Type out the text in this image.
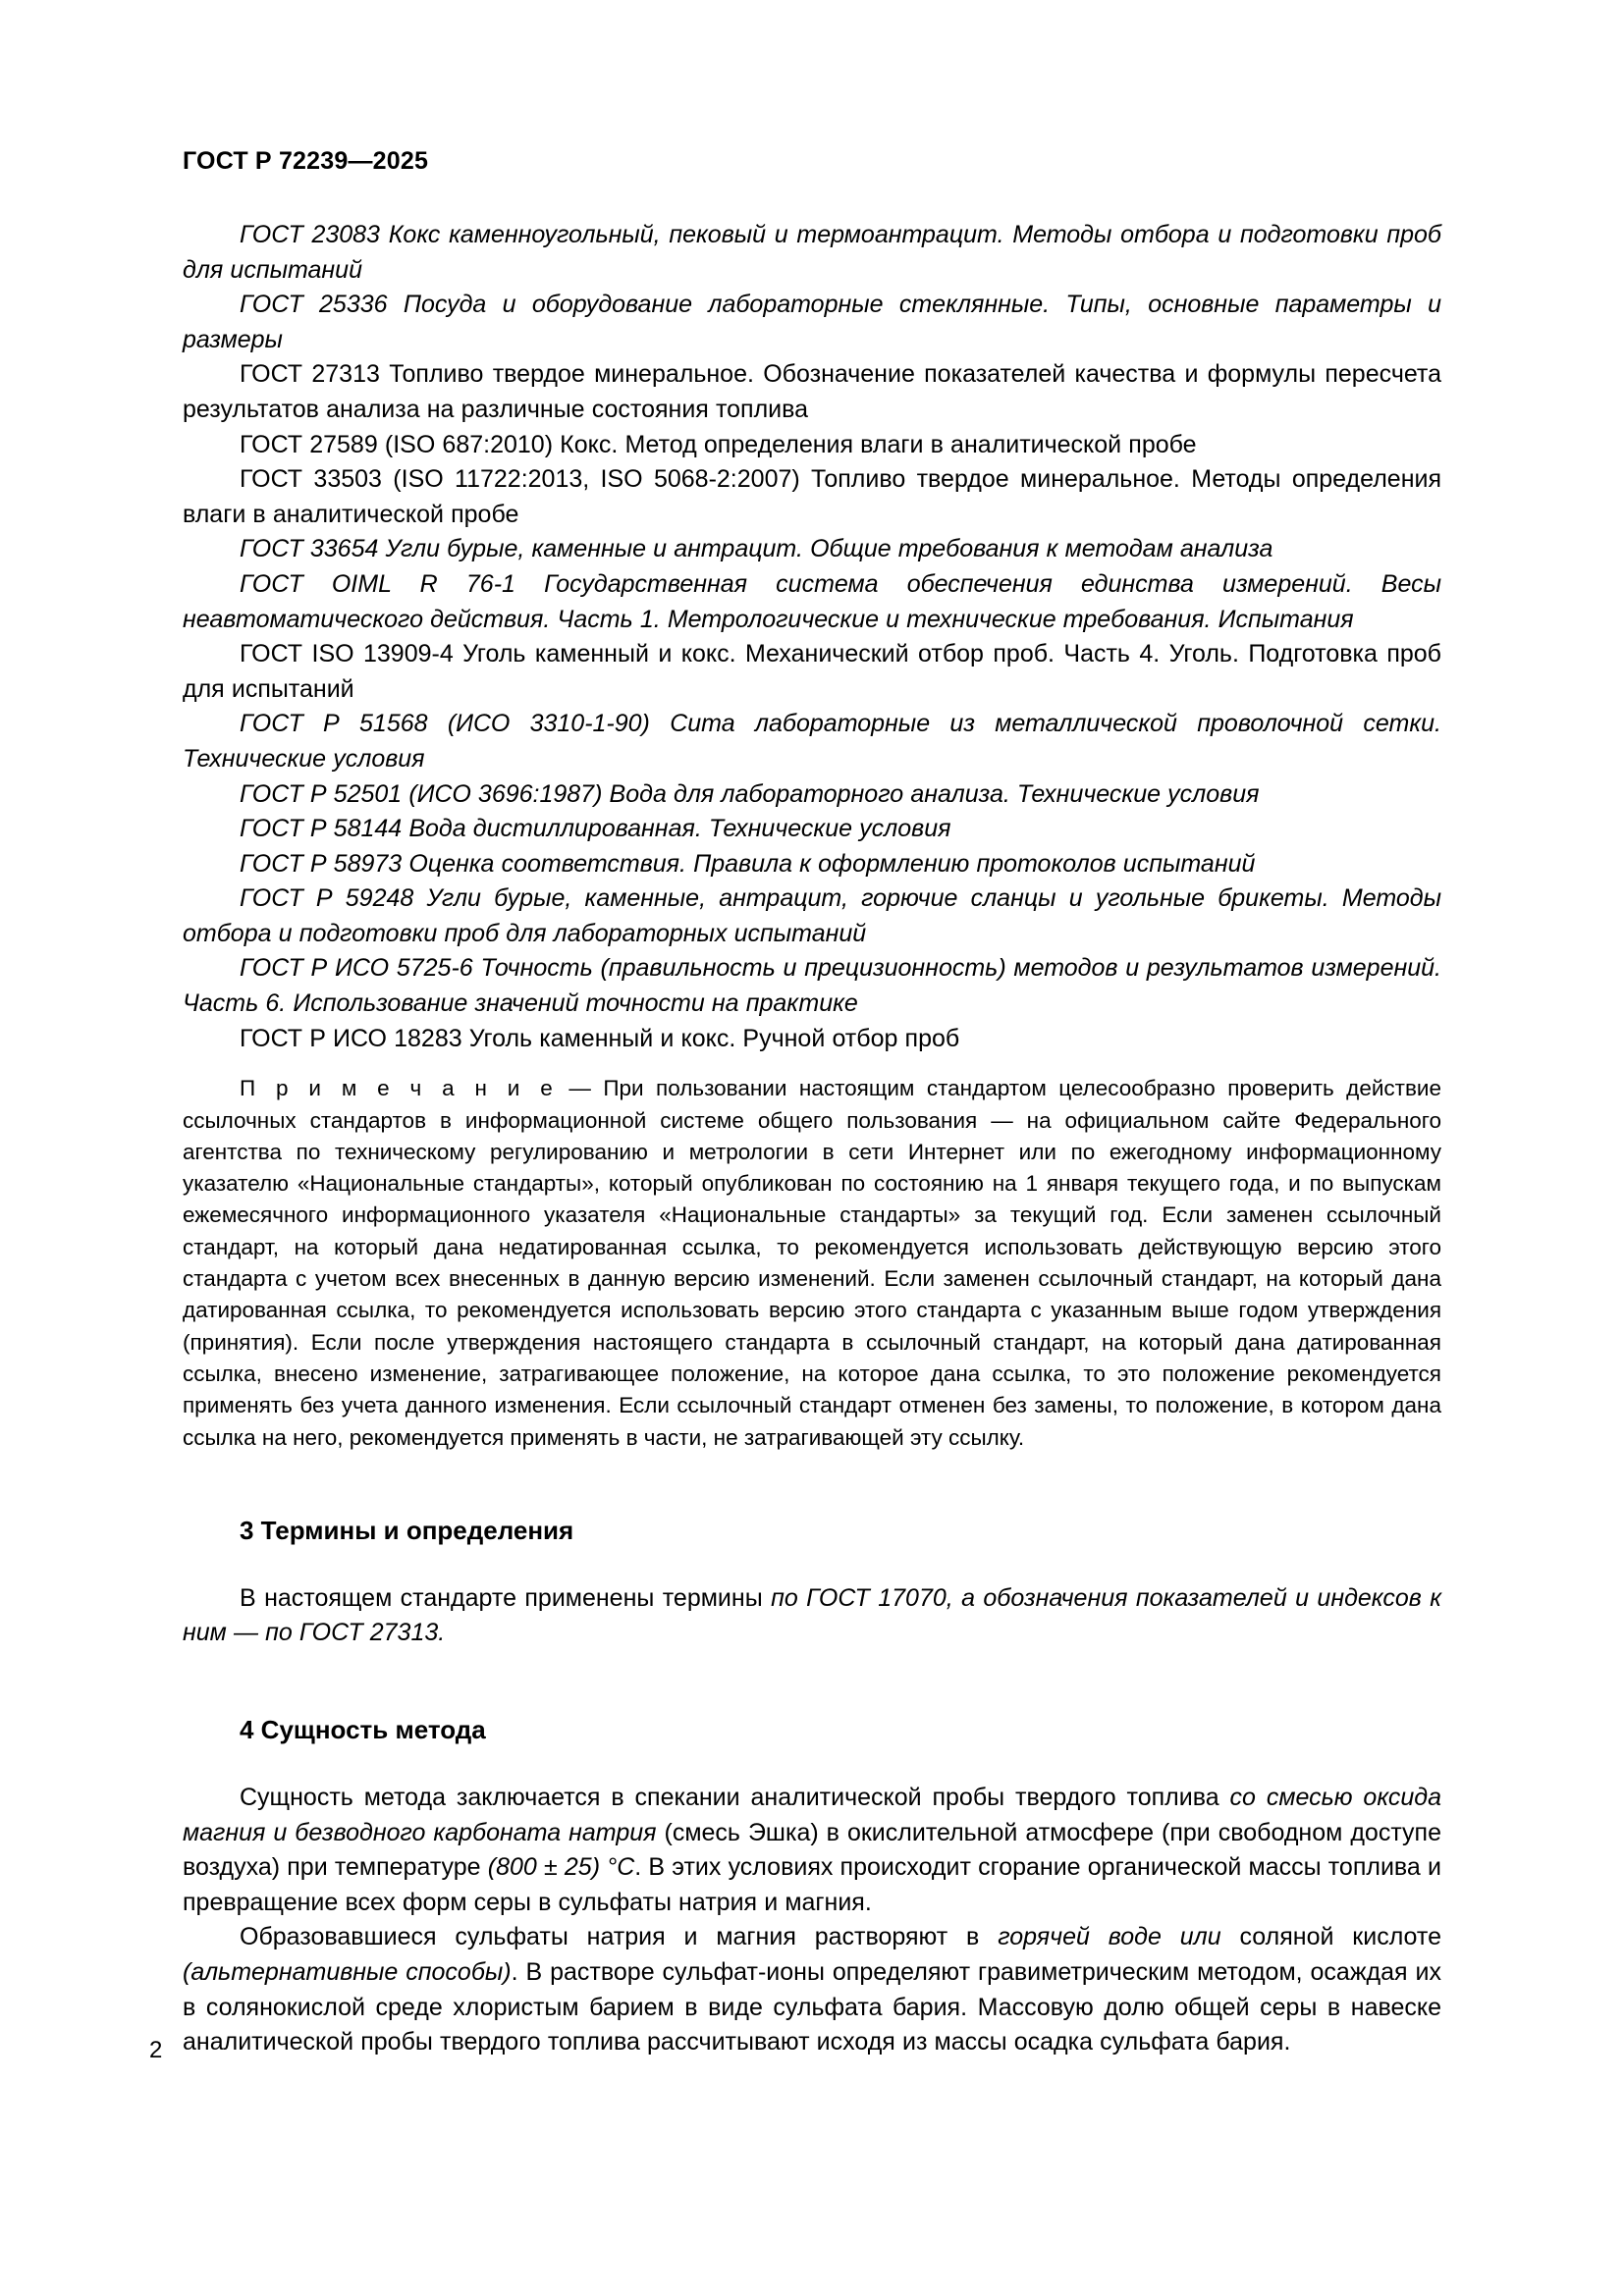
ГОСТ Р 72239—2025

ГОСТ 23083 Кокс каменноугольный, пековый и термоантрацит. Методы отбора и подготовки проб для испытаний

ГОСТ 25336 Посуда и оборудование лабораторные стеклянные. Типы, основные параметры и размеры

ГОСТ 27313 Топливо твердое минеральное. Обозначение показателей качества и формулы пересчета результатов анализа на различные состояния топлива

ГОСТ 27589 (ISO 687:2010) Кокс. Метод определения влаги в аналитической пробе

ГОСТ 33503 (ISO 11722:2013, ISO 5068-2:2007) Топливо твердое минеральное. Методы определения влаги в аналитической пробе

ГОСТ 33654 Угли бурые, каменные и антрацит. Общие требования к методам анализа

ГОСТ OIML R 76-1 Государственная система обеспечения единства измерений. Весы неавтоматического действия. Часть 1. Метрологические и технические требования. Испытания

ГОСТ ISO 13909-4 Уголь каменный и кокс. Механический отбор проб. Часть 4. Уголь. Подготовка проб для испытаний

ГОСТ Р 51568 (ИСО 3310-1-90) Сита лабораторные из металлической проволочной сетки. Технические условия

ГОСТ Р 52501 (ИСО 3696:1987) Вода для лабораторного анализа. Технические условия

ГОСТ Р 58144 Вода дистиллированная. Технические условия

ГОСТ Р 58973 Оценка соответствия. Правила к оформлению протоколов испытаний

ГОСТ Р 59248 Угли бурые, каменные, антрацит, горючие сланцы и угольные брикеты. Методы отбора и подготовки проб для лабораторных испытаний

ГОСТ Р ИСО 5725-6 Точность (правильность и прецизионность) методов и результатов измерений. Часть 6. Использование значений точности на практике

ГОСТ Р ИСО 18283 Уголь каменный и кокс. Ручной отбор проб

П р и м е ч а н и е — При пользовании настоящим стандартом целесообразно проверить действие ссылочных стандартов в информационной системе общего пользования — на официальном сайте Федерального агентства по техническому регулированию и метрологии в сети Интернет или по ежегодному информационному указателю «Национальные стандарты», который опубликован по состоянию на 1 января текущего года, и по выпускам ежемесячного информационного указателя «Национальные стандарты» за текущий год. Если заменен ссылочный стандарт, на который дана недатированная ссылка, то рекомендуется использовать действующую версию этого стандарта с учетом всех внесенных в данную версию изменений. Если заменен ссылочный стандарт, на который дана датированная ссылка, то рекомендуется использовать версию этого стандарта с указанным выше годом утверждения (принятия). Если после утверждения настоящего стандарта в ссылочный стандарт, на который дана датированная ссылка, внесено изменение, затрагивающее положение, на которое дана ссылка, то это положение рекомендуется применять без учета данного изменения. Если ссылочный стандарт отменен без замены, то положение, в котором дана ссылка на него, рекомендуется применять в части, не затрагивающей эту ссылку.

3 Термины и определения

В настоящем стандарте применены термины по ГОСТ 17070, а обозначения показателей и индексов к ним — по ГОСТ 27313.

4 Сущность метода

Сущность метода заключается в спекании аналитической пробы твердого топлива со смесью оксида магния и безводного карбоната натрия (смесь Эшка) в окислительной атмосфере (при свободном доступе воздуха) при температуре (800 ± 25) °С. В этих условиях происходит сгорание органической массы топлива и превращение всех форм серы в сульфаты натрия и магния.

Образовавшиеся сульфаты натрия и магния растворяют в горячей воде или соляной кислоте (альтернативные способы). В растворе сульфат-ионы определяют гравиметрическим методом, осаждая их в солянокислой среде хлористым барием в виде сульфата бария. Массовую долю общей серы в навеске аналитической пробы твердого топлива рассчитывают исходя из массы осадка сульфата бария.

2
